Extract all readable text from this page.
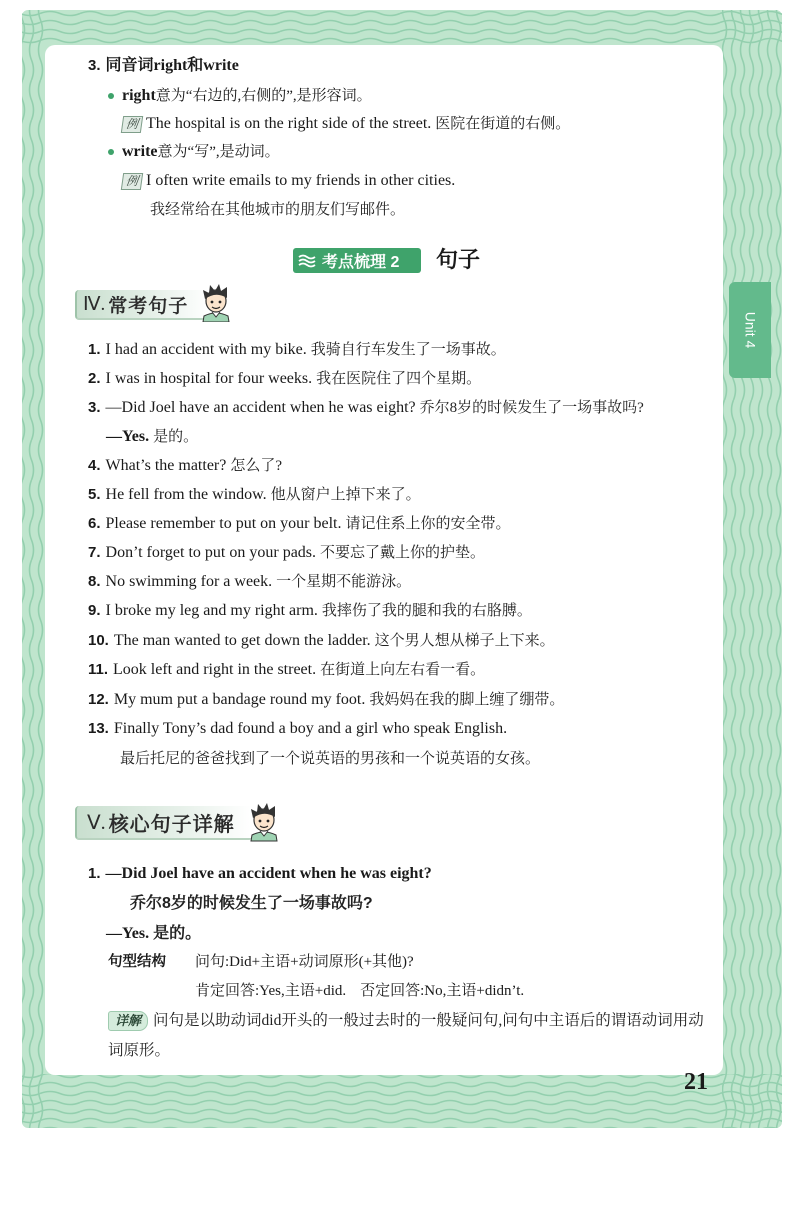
Unit 4
3. 同音词right和write
right意为“右边的,右侧的”,是形容词。
例 The hospital is on the right side of the street. 医院在街道的右侧。
write意为“写”,是动词。
例 I often write emails to my friends in other cities.
我经常给在其他城市的朋友们写邮件。
考点梳理 2 句子
Ⅳ. 常考句子
1. I had an accident with my bike. 我骑自行车发生了一场事故。
2. I was in hospital for four weeks. 我在医院住了四个星期。
3. —Did Joel have an accident when he was eight? 乔尔8岁的时候发生了一场事故吗?
—Yes. 是的。
4. What’s the matter? 怎么了?
5. He fell from the window. 他从窗户上掉下来了。
6. Please remember to put on your belt. 请记住系上你的安全带。
7. Don’t forget to put on your pads. 不要忘了戴上你的护垫。
8. No swimming for a week. 一个星期不能游泳。
9. I broke my leg and my right arm. 我摔伤了我的腿和我的右胳膊。
10. The man wanted to get down the ladder. 这个男人想从梯子上下来。
11. Look left and right in the street. 在街道上向左右看一看。
12. My mum put a bandage round my foot. 我妈妈在我的脚上缠了绷带。
13. Finally Tony’s dad found a boy and a girl who speak English.
最后托尼的爸爸找到了一个说英语的男孩和一个说英语的女孩。
Ⅴ. 核心句子详解
1. —Did Joel have an accident when he was eight?
乔尔8岁的时候发生了一场事故吗?
—Yes. 是的。
句型结构 问句:Did+主语+动词原形(+其他)?
肯定回答:Yes,主语+did. 否定回答:No,主语+didn’t.
详解 问句是以助动词did开头的一般过去时的一般疑问句,问句中主语后的谓语动词用动词原形。
21
